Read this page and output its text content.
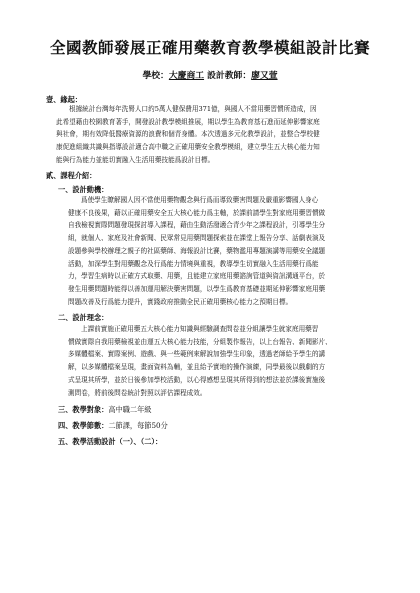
全國教師發展正確用藥教育教學模組設計比賽
學校：大慶商工 設計教師：廖又萱
壹、緣起：
根據統計台灣每年洗腎人口約5萬人健保費用371億，與國人不當用藥習慣所造成，因
此希望藉由校園教育著手，開發設計教學模組推展，期以學生為教育基石進而延伸影響家庭
與社會，期有效降低醫療資源的浪費和個青身體。本次透過多元化教學設計，並整合學校健
康促進組織共識與指導設計適合高中職之正確用藥安全教學模組，建立學生五大核心能力知
能與行為能力並能切實融入生活用藥技能爲設計目標。
貳、課程介紹：
一、設計動機：
爲使學生瞭解國人因不當使用藥物觀念與行爲而導致藥害問題及嚴重影響國人身心
健康不良後果，藉以正確用藥安全五大核心能力爲主軸，於課前請學生對家庭用藥習慣做
自我檢視實際問題發現探討導入課程，藉由生動活潑適合青少年之課程設計，引導學生分
組，就個人、家庭及社會新聞、民眾常見用藥問題探索並在課堂上報告分享、話劇表演及
設題參與學校辦理之親子的社區藥師、海報設計比賽，藥物濫用專題演講等用藥安全議題
活動，加深學生對用藥觀念及行爲能力情境與重視，教導學生切實融入生活用藥行爲能
力，學習生病時以正確方式取藥、用藥，且能建立家庭用藥諮詢管道與資訊溝通平台，於
發生用藥問題時能得以善加運用解決藥害問題，以學生爲教育基礎並期延伸影響家庭用藥
問題改善及行爲能力提升，實踐政府推動全民正確用藥核心能力之預期目標。
二、設計理念：
上課前實施正確用藥五大核心能力知識與經驗調查問卷並分組讓學生就家庭用藥習
慣做實際自我用藥檢視並由運五大核心能力技能，分組製作報告，以上台報告、新聞影片、
多媒體檔案、實際案例、遊戲、與一些範例來解說加強學生印象，透過老師給予學生的講
解，以多媒體檔案呈現，畫面資料為輔，並且給予實地的操作演練，同學最後以戲劇的方
式呈現其所學，並於日後參加學校活動，以心得感想呈現其所得到的想法並於課後實施後
測問卷，將前後問卷統計對照以評估課程成效。
三、教學對象：高中職二年級
四、教學節數：二節課，每節50分
五、教學活動設計（一）、（二）：
